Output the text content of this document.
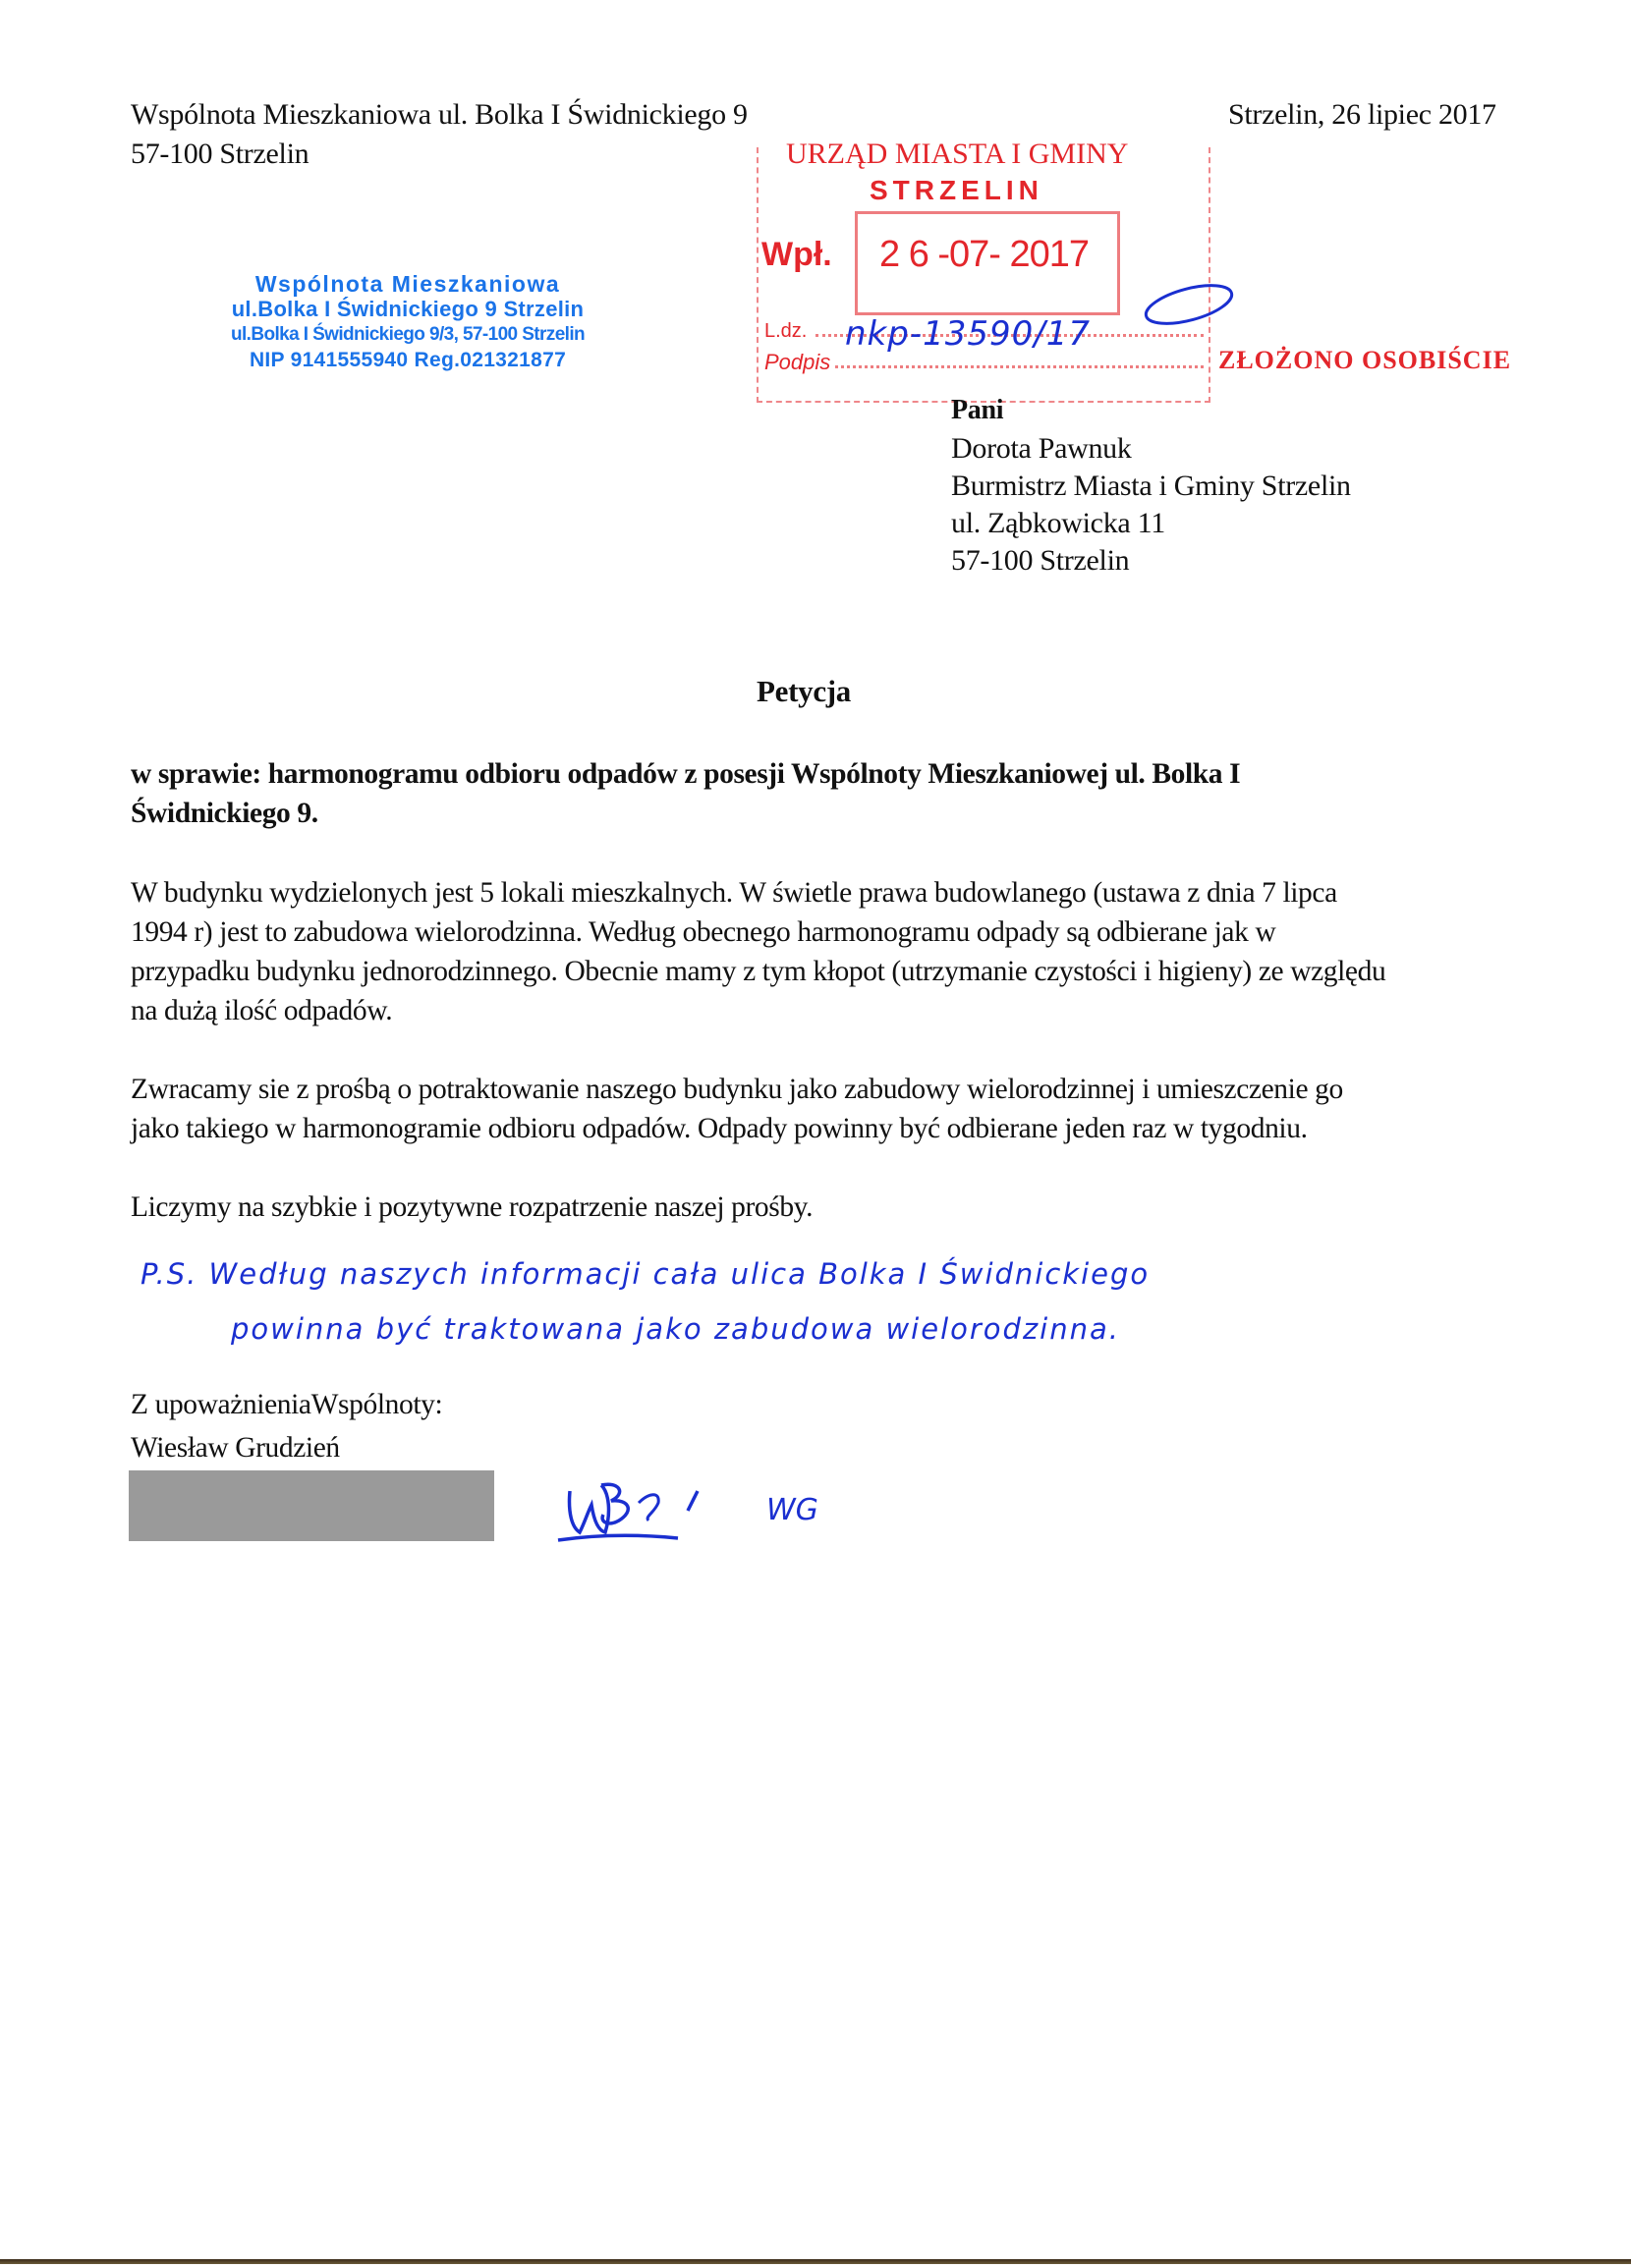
Wspólnota Mieszkaniowa ul. Bolka I Świdnickiego 9
57-100 Strzelin	URZĄD MIASTA I GMINY
STRZELIN
Wpł. 2 6 -07- 2017
L.dz.
Podpis
nkp-13590/17
ZŁOŻONO OSOBIŚCIE
Strzelin, 26 lipiec 2017
Wspólnota Mieszkaniowa
ul.Bolka I Świdnickiego 9 Strzelin
ul.Bolka I Świdnickiego 9/3, 57-100 Strzelin
NIP 9141555940 Reg.021321877
Pani
Dorota Pawnuk
Burmistrz Miasta i Gminy Strzelin
ul. Ząbkowicka 11
57-100 Strzelin
Petycja
w sprawie: harmonogramu odbioru odpadów z posesji Wspólnoty Mieszkaniowej ul. Bolka I
Świdnickiego 9.
W budynku wydzielonych jest 5 lokali mieszkalnych. W świetle prawa budowlanego (ustawa z dnia 7 lipca
1994 r) jest to zabudowa wielorodzinna. Według obecnego harmonogramu odpady są odbierane jak w
przypadku budynku jednorodzinnego. Obecnie mamy z tym kłopot (utrzymanie czystości i higieny) ze względu
na dużą ilość odpadów.
Zwracamy sie z prośbą o potraktowanie naszego budynku jako zabudowy wielorodzinnej i umieszczenie go
jako takiego w harmonogramie odbioru odpadów. Odpady powinny być odbierane jeden raz w tygodniu.
Liczymy na szybkie i pozytywne rozpatrzenie naszej prośby.
P.S. Według naszych informacji cała ulica Bolka I Świdnickiego
powinna być traktowana jako zabudowa wielorodzinna.
Z upoważnieniaWspólnoty:
Wiesław Grudzień
WG
